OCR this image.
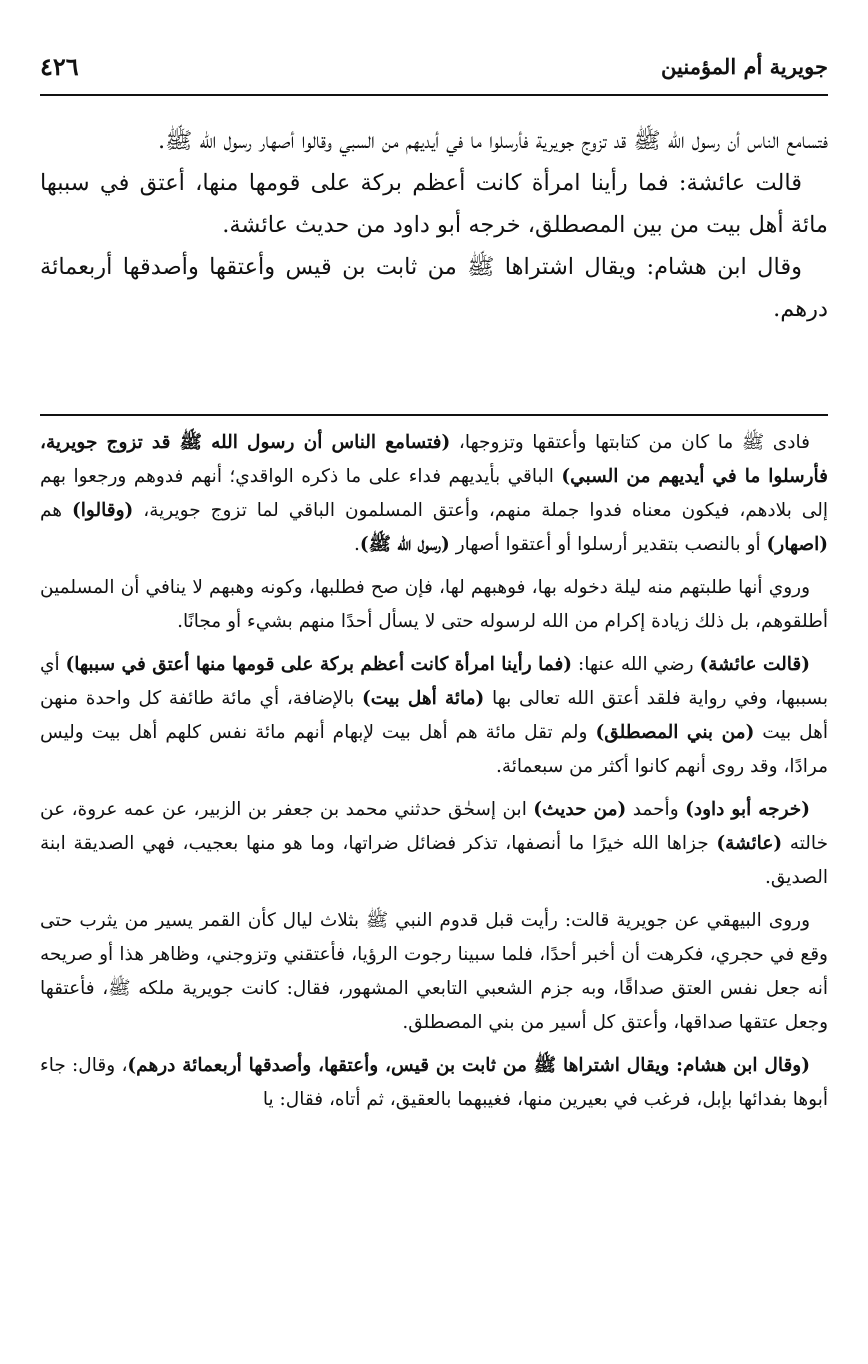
جويرية أم المؤمنين
٤٢٦

فتسامع الناس أن رسول الله ﷺ قد تزوج جويرية فأرسلوا ما في أيديهم من السبي وقالوا أصهار رسول الله ﷺ.

قالت عائشة: فما رأينا امرأة كانت أعظم بركة على قومها منها، أعتق في سببها مائة أهل بيت من بين المصطلق، خرجه أبو داود من حديث عائشة.

وقال ابن هشام: ويقال اشتراها ﷺ من ثابت بن قيس وأعتقها وأصدقها أربعمائة درهم.

فادى ﷺ ما كان من كتابتها وأعتقها وتزوجها، (فتسامع الناس أن رسول الله ﷺ قد تزوج جويرية، فأرسلوا ما في أيديهم من السبي) الباقي بأيديهم فداء على ما ذكره الواقدي؛ أنهم فدوهم ورجعوا بهم إلى بلادهم، فيكون معناه فدوا جملة منهم، وأعتق المسلمون الباقي لما تزوج جويرية، (وقالوا) هم (اصهار) أو بالنصب بتقدير أرسلوا أو أعتقوا أصهار (رسول الله ﷺ).

وروي أنها طلبتهم منه ليلة دخوله بها، فوهبهم لها، فإن صح فطلبها، وكونه وهبهم لا ينافي أن المسلمين أطلقوهم، بل ذلك زيادة إكرام من الله لرسوله حتى لا يسأل أحدًا منهم بشيء أو مجانًا.

(قالت عائشة) رضي الله عنها: (فما رأينا امرأة كانت أعظم بركة على قومها منها أعتق في سببها) أي بسببها، وفي رواية فلقد أعتق الله تعالى بها (مائة أهل بيت) بالإضافة، أي مائة طائفة كل واحدة منهن أهل بيت (من بني المصطلق) ولم تقل مائة هم أهل بيت لإبهام أنهم مائة نفس كلهم أهل بيت وليس مرادًا، وقد روى أنهم كانوا أكثر من سبعمائة.

(خرجه أبو داود) وأحمد (من حديث) ابن إسحٰق حدثني محمد بن جعفر بن الزبير، عن عمه عروة، عن خالته (عائشة) جزاها الله خيرًا ما أنصفها، تذكر فضائل ضراتها، وما هو منها بعجيب، فهي الصديقة ابنة الصديق.

وروى البيهقي عن جويرية قالت: رأيت قبل قدوم النبي ﷺ بثلاث ليال كأن القمر يسير من يثرب حتى وقع في حجري، فكرهت أن أخبر أحدًا، فلما سبينا رجوت الرؤيا، فأعتقني وتزوجني، وظاهر هذا أو صريحه أنه جعل نفس العتق صداقًا، وبه جزم الشعبي التابعي المشهور، فقال: كانت جويرية ملكه ﷺ، فأعتقها وجعل عتقها صداقها، وأعتق كل أسير من بني المصطلق.

(وقال ابن هشام: ويقال اشتراها ﷺ من ثابت بن قيس، وأعتقها، وأصدقها أربعمائة درهم)، وقال: جاء أبوها بفدائها بإبل، فرغب في بعيرين منها، فغيبهما بالعقيق، ثم أتاه، فقال: يا
